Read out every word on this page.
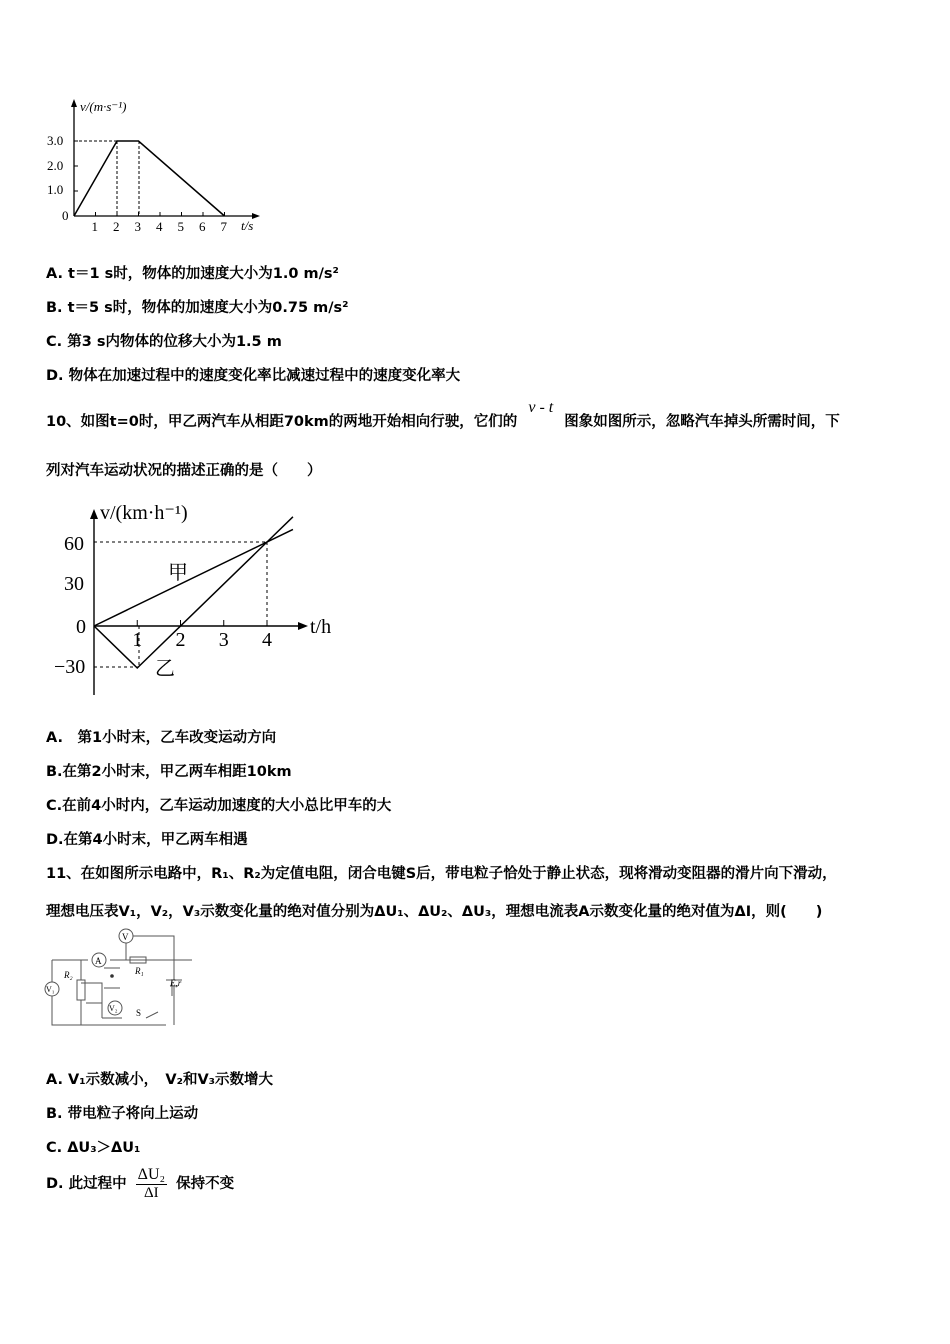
v/(m·s⁻¹)
t/s
3.0
2.0
1.0
0
1 2 3 4 5 6 7
A. t＝1 s时，物体的加速度大小为1.0 m/s²
B. t＝5 s时，物体的加速度大小为0.75 m/s²
C. 第3 s内物体的位移大小为1.5 m
D. 物体在加速过程中的速度变化率比减速过程中的速度变化率大
10、如图t=0时，甲乙两汽车从相距70km的两地开始相向行驶，它们的 v - t 图象如图所示，忽略汽车掉头所需时间，下
列对汽车运动状况的描述正确的是（　　）
v/(km·h⁻¹)
t/h
60
30
0
−30
1 2 3 4
甲
乙
A.　第1小时末，乙车改变运动方向
B.在第2小时末，甲乙两车相距10km
C.在前4小时内，乙车运动加速度的大小总比甲车的大
D.在第4小时末，甲乙两车相遇
11、在如图所示电路中，R₁、R₂为定值电阻，闭合电键S后，带电粒子恰处于静止状态，现将滑动变阻器的滑片向下滑动，
理想电压表V₁，V₂，V₃示数变化量的绝对值分别为ΔU₁、ΔU₂、ΔU₃，理想电流表A示数变化量的绝对值为ΔI，则(　　)
V
A
R₂	R₁
E,r
V₁
V₂ S
A. V₁示数减小，　V₂和V₃示数增大
B. 带电粒子将向上运动
C. ΔU₃＞ΔU₁
D. 此过程中 $\frac{\text{ΔU₂}}{\Delta I}$ 保持不变
